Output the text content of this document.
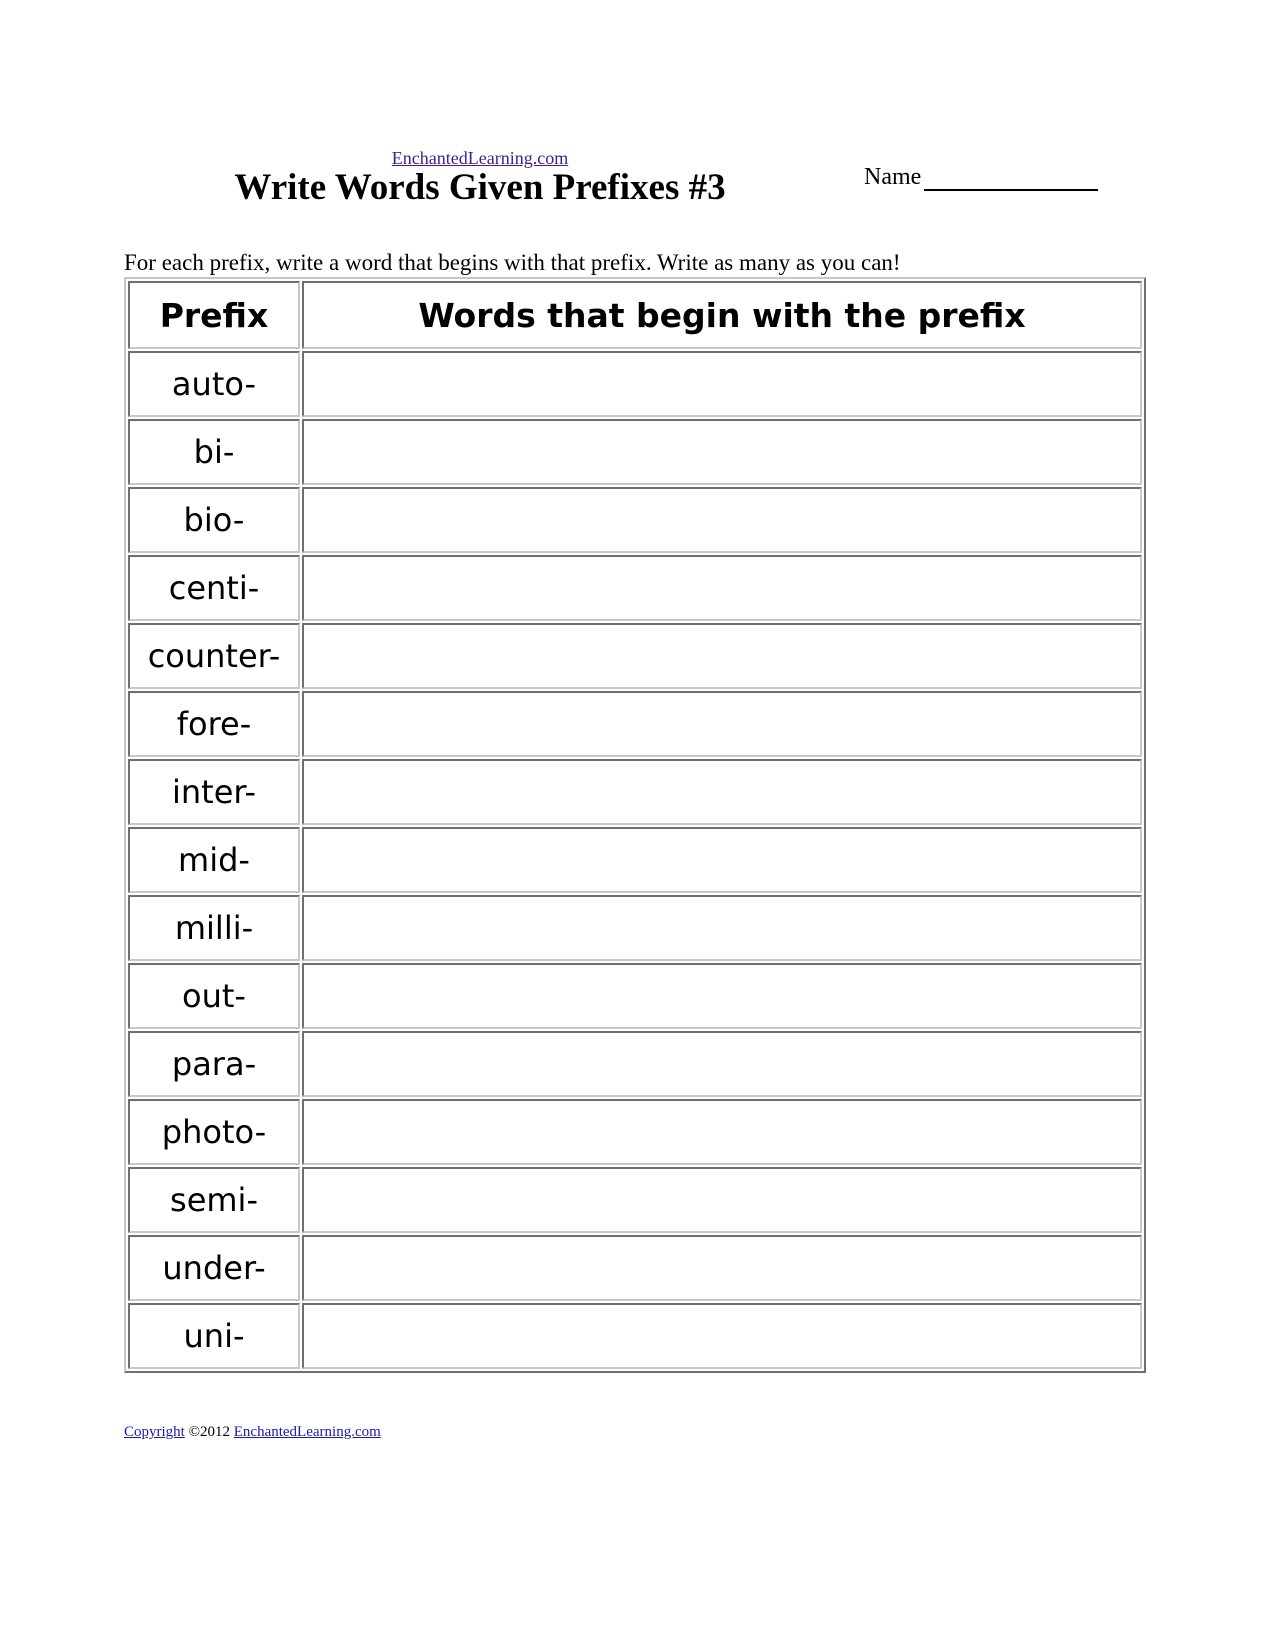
EnchantedLearning.com
Write Words Given Prefixes #3	Name
For each prefix, write a word that begins with that prefix. Write as many as you can!
Prefix	Words that begin with the prefix
auto-	
bi-	
bio-	
centi-	
counter-	
fore-	
inter-	
mid-	
milli-	
out-	
para-	
photo-	
semi-	
under-	
uni-	
Copyright ©2012 EnchantedLearning.com
